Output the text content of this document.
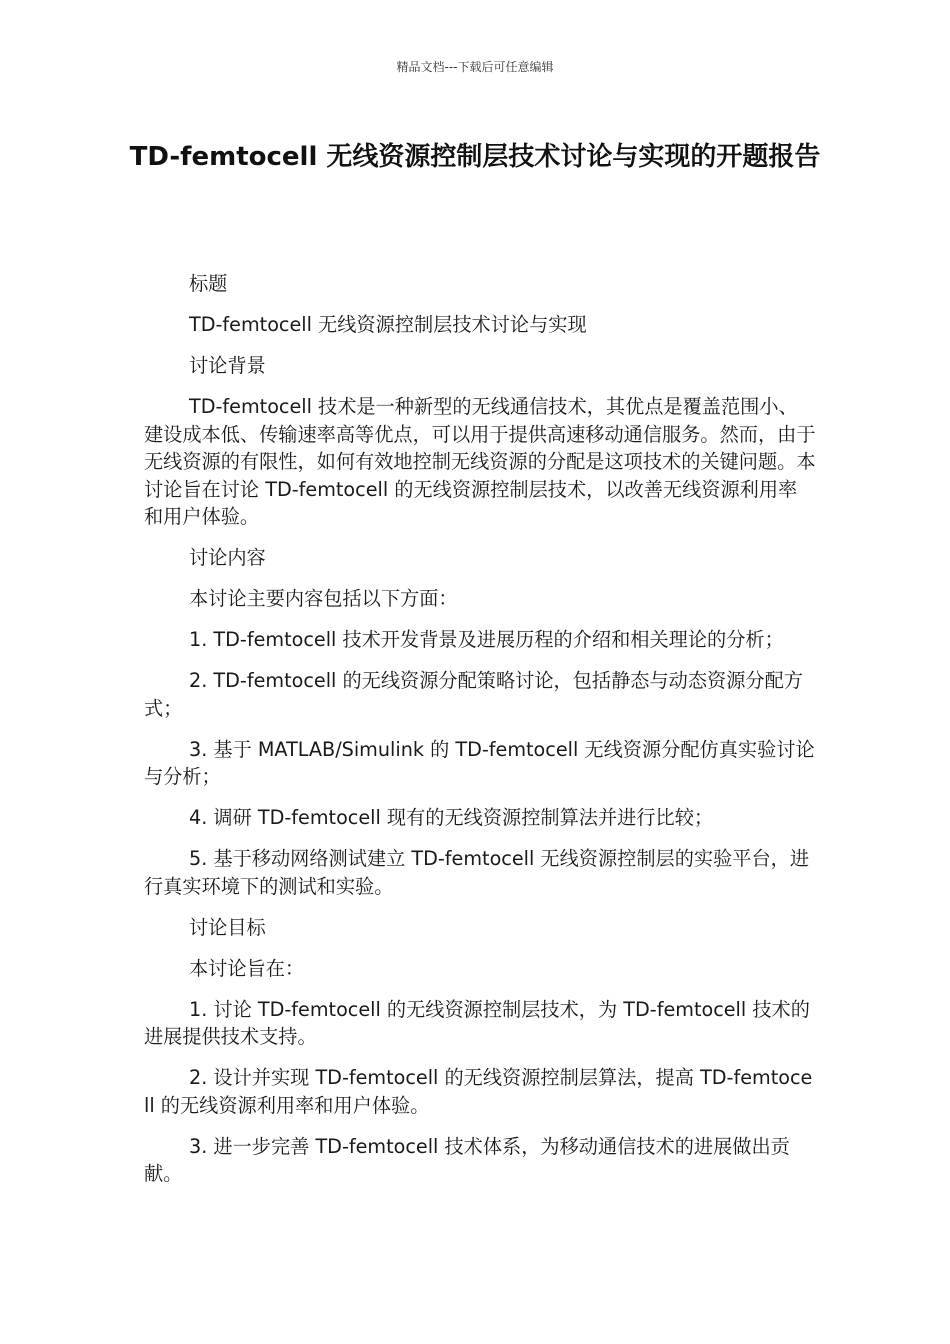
精品文档---下载后可任意编辑
TD-femtocell 无线资源控制层技术讨论与实现的开题报告

标题

TD-femtocell 无线资源控制层技术讨论与实现

讨论背景

TD-femtocell 技术是一种新型的无线通信技术，其优点是覆盖范围小、建设成本低、传输速率高等优点，可以用于提供高速移动通信服务。然而，由于无线资源的有限性，如何有效地控制无线资源的分配是这项技术的关键问题。本讨论旨在讨论 TD-femtocell 的无线资源控制层技术，以改善无线资源利用率和用户体验。

讨论内容

本讨论主要内容包括以下方面：

1. TD-femtocell 技术开发背景及进展历程的介绍和相关理论的分析；

2. TD-femtocell 的无线资源分配策略讨论，包括静态与动态资源分配方式；

3. 基于 MATLAB/Simulink 的 TD-femtocell 无线资源分配仿真实验讨论与分析；

4. 调研 TD-femtocell 现有的无线资源控制算法并进行比较；

5. 基于移动网络测试建立 TD-femtocell 无线资源控制层的实验平台，进行真实环境下的测试和实验。

讨论目标

本讨论旨在：

1. 讨论 TD-femtocell 的无线资源控制层技术，为 TD-femtocell 技术的进展提供技术支持。

2. 设计并实现 TD-femtocell 的无线资源控制层算法，提高 TD-femtocell 的无线资源利用率和用户体验。

3. 进一步完善 TD-femtocell 技术体系，为移动通信技术的进展做出贡献。
